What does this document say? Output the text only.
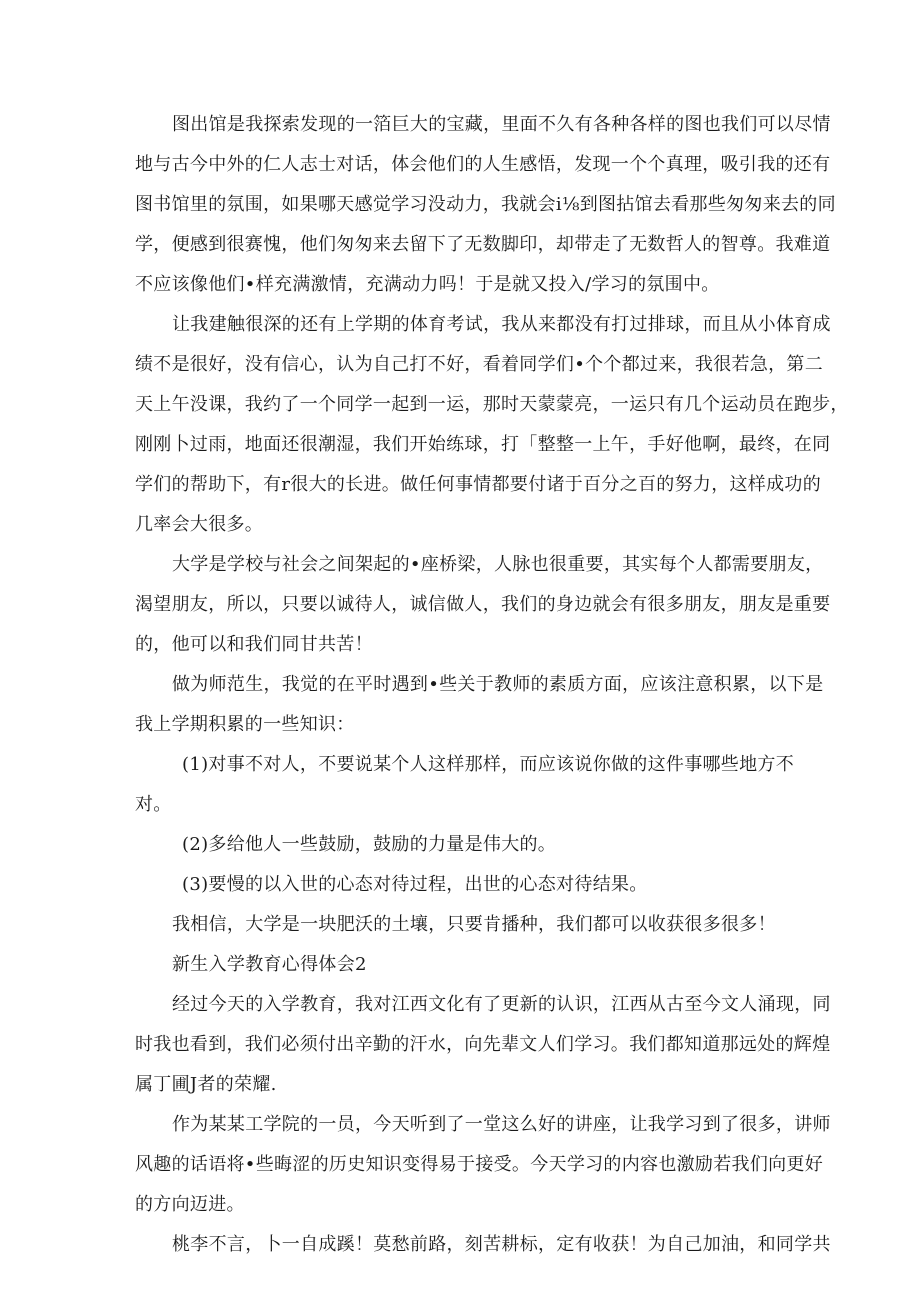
图出馆是我探索发现的一箔巨大的宝藏，里面不久有各种各样的图也我们可以尽情
地与古今中外的仁人志士对话，体会他们的人生感悟，发现一个个真理，吸引我的还有
图书馆里的氛围，如果哪天感觉学习没动力，我就会i⅛到图拈馆去看那些匆匆来去的同
学，便感到很赛愧，他们匆匆来去留下了无数脚印，却带走了无数哲人的智尊。我难道
不应该像他们•样充满激情，充满动力吗！于是就又投入/学习的氛围中。
让我建触很深的还有上学期的体育考试，我从来都没有打过排球，而且从小体育成
绩不是很好，没有信心，认为自己打不好，看着同学们•个个都过来，我很若急，第二
天上午没课，我约了一个同学一起到一运，那时天蒙蒙亮，一运只有几个运动员在跑步，
刚刚卜过雨，地面还很潮湿，我们开始练球，打「整整一上午，手好他啊，最终，在同
学们的帮助下，有r很大的长进。做任何事情都要付诸于百分之百的努力，这样成功的
几率会大很多。
大学是学校与社会之间架起的•座桥梁，人脉也很重要，其实每个人都需要朋友，
渴望朋友，所以，只要以诚待人，诚信做人，我们的身边就会有很多朋友，朋友是重要
的，他可以和我们同甘共苦！
做为师范生，我觉的在平时遇到•些关于教师的素质方面，应该注意积累，以下是
我上学期积累的一些知识：
(1)对事不对人，不要说某个人这样那样，而应该说你做的这件事哪些地方不
对。
(2)多给他人一些鼓励，鼓励的力量是伟大的。
(3)要慢的以入世的心态对待过程，出世的心态对待结果。
我相信，大学是一块肥沃的土壤，只要肯播种，我们都可以收获很多很多！
新生入学教育心得体会2
经过今天的入学教育，我对江西文化有了更新的认识，江西从古至今文人涌现，同
时我也看到，我们必须付出辛勤的汗水，向先辈文人们学习。我们都知道那远处的辉煌
属丁圃J者的荣耀.
作为某某工学院的一员，今天听到了一堂这么好的讲座，让我学习到了很多，讲师
风趣的话语将•些晦涩的历史知识变得易于接受。今天学习的内容也激励若我们向更好
的方向迈进。
桃李不言，卜一自成蹊！莫愁前路，刻苦耕标，定有收获！为自己加油，和同学共
